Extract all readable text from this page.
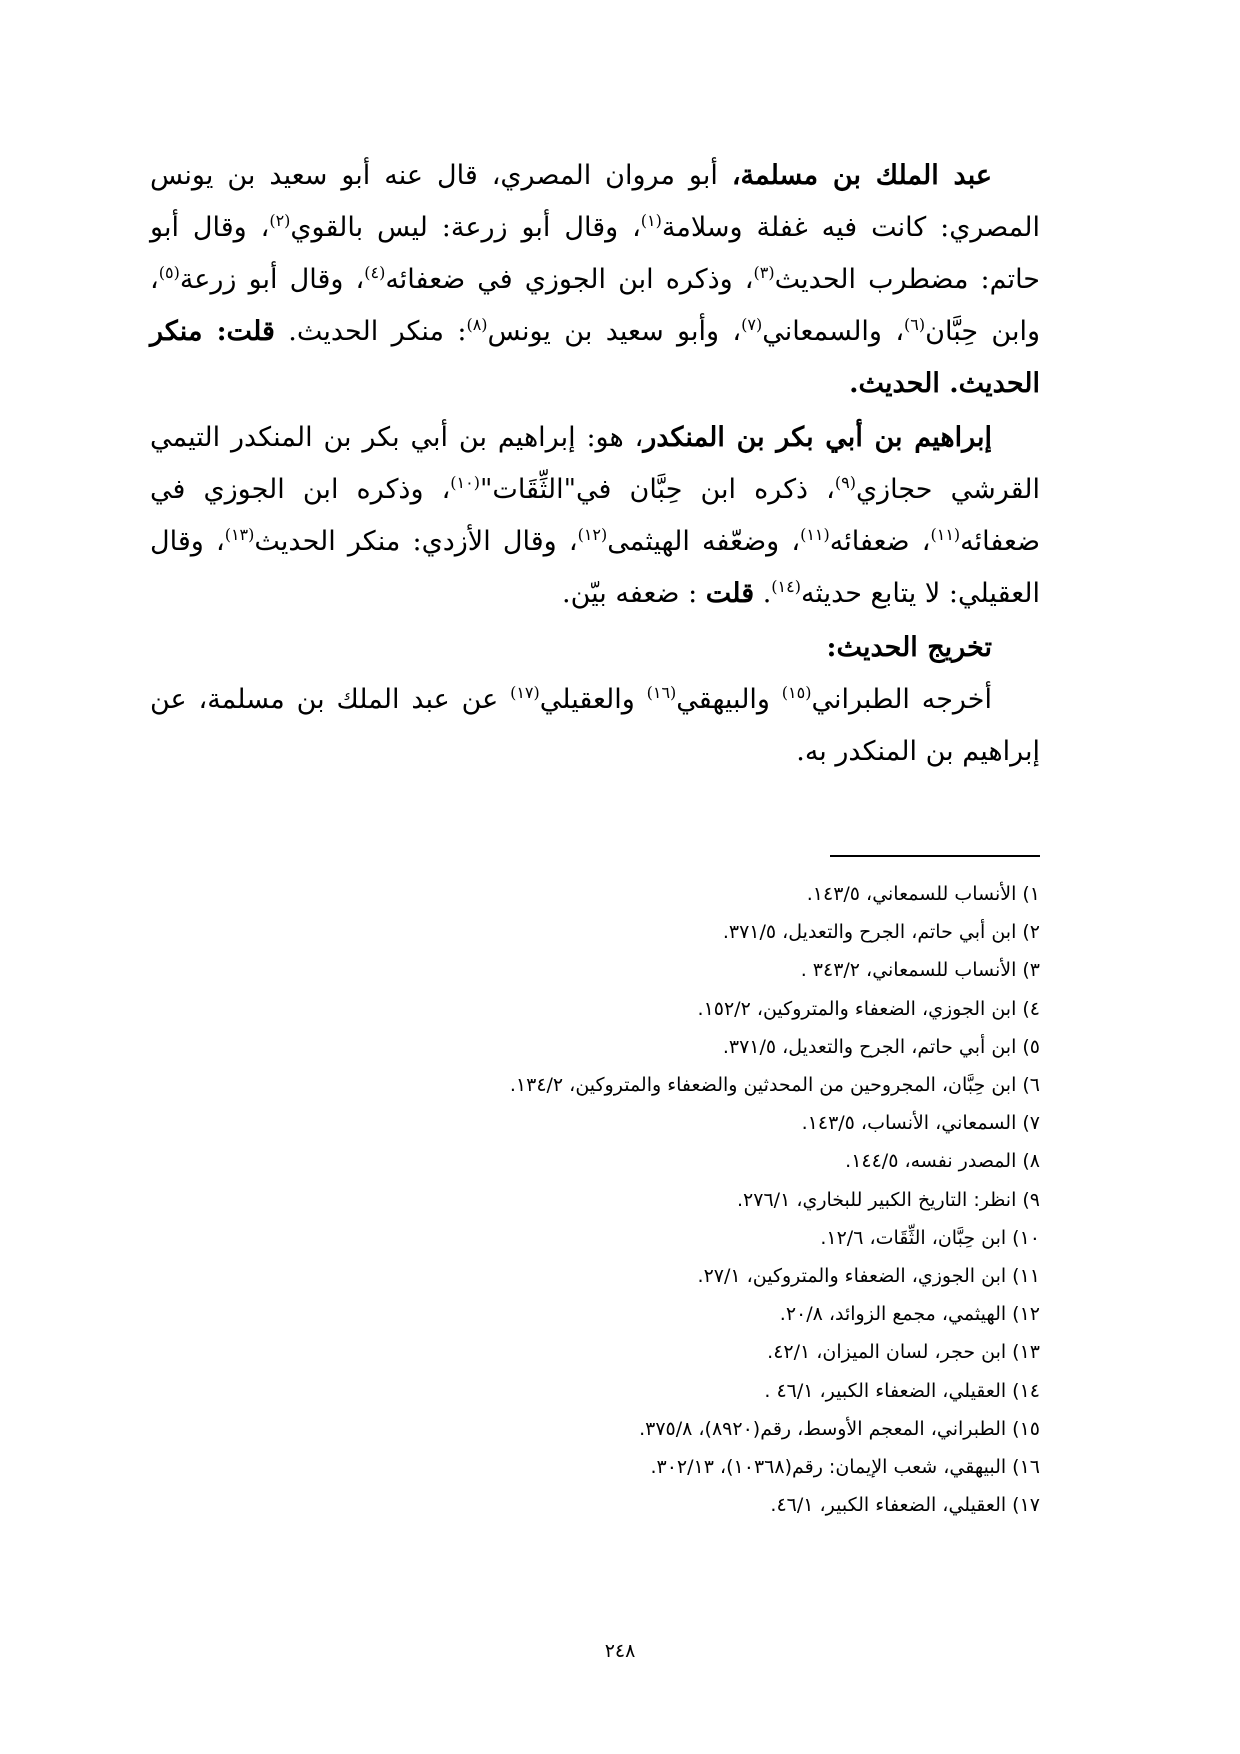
عبد الملك بن مسلمة، أبو مروان المصري، قال عنه أبو سعيد بن يونس المصري: كانت فيه غفلة وسلامة$^{(١)}$، وقال أبو زرعة: ليس بالقوي$^{(٢)}$، وقال أبو حاتم: مضطرب الحديث$^{(٣)}$، وذكره ابن الجوزي في ضعفائه$^{(٤)}$، وقال أبو زرعة$^{(٥)}$، وابن حِبَّان$^{(٦)}$، والسمعاني$^{(٧)}$، وأبو سعيد بن يونس$^{(٨)}$: منكر الحديث. قلت: منكر الحديث. الحديث.

إبراهيم بن أبي بكر بن المنكدر، هو: إبراهيم بن أبي بكر بن المنكدر التيمي القرشي حجازي$^{(٩)}$، ذكره ابن حِبَّان في"الثِّقَات"$^{(١٠)}$، وذكره ابن الجوزي في ضعفائه$^{(١١)}$، ضعفائه$^{(١١)}$، وضعّفه الهيثمى$^{(١٢)}$، وقال الأزدي: منكر الحديث$^{(١٣)}$، وقال العقيلي: لا يتابع حديثه$^{(١٤)}$. قلت : ضعفه بيّن.

تخريج الحديث:

أخرجه الطبراني$^{(١٥)}$ والبيهقي$^{(١٦)}$ والعقيلي$^{(١٧)}$ عن عبد الملك بن مسلمة، عن إبراهيم بن المنكدر به.

١)الأنساب للسمعاني، ١٤٣/٥.
٢)ابن أبي حاتم، الجرح والتعديل، ٣٧١/٥.
٣)الأنساب للسمعاني، ٣٤٣/٢ .
٤)ابن الجوزي، الضعفاء والمتروكين، ١٥٢/٢.
٥)ابن أبي حاتم، الجرح والتعديل، ٣٧١/٥.
٦)ابن حِبَّان، المجروحين من المحدثين والضعفاء والمتروكين، ١٣٤/٢.
٧)السمعاني، الأنساب، ١٤٣/٥.
٨)المصدر نفسه، ١٤٤/٥.
٩)انظر: التاريخ الكبير للبخاري، ٢٧٦/١.
١٠)ابن حِبَّان، الثِّقَات، ١٢/٦.
١١)ابن الجوزي، الضعفاء والمتروكين، ٢٧/١.
١٢)الهيثمي، مجمع الزوائد، ٢٠/٨.
١٣)ابن حجر، لسان الميزان، ٤٢/١.
١٤)العقيلي، الضعفاء الكبير، ٤٦/١ .
١٥)الطبراني، المعجم الأوسط، رقم(٨٩٢٠)، ٣٧٥/٨.
١٦)البيهقي، شعب الإيمان: رقم(١٠٣٦٨)، ٣٠٢/١٣.
١٧)العقيلي، الضعفاء الكبير، ٤٦/١.
٢٤٨
